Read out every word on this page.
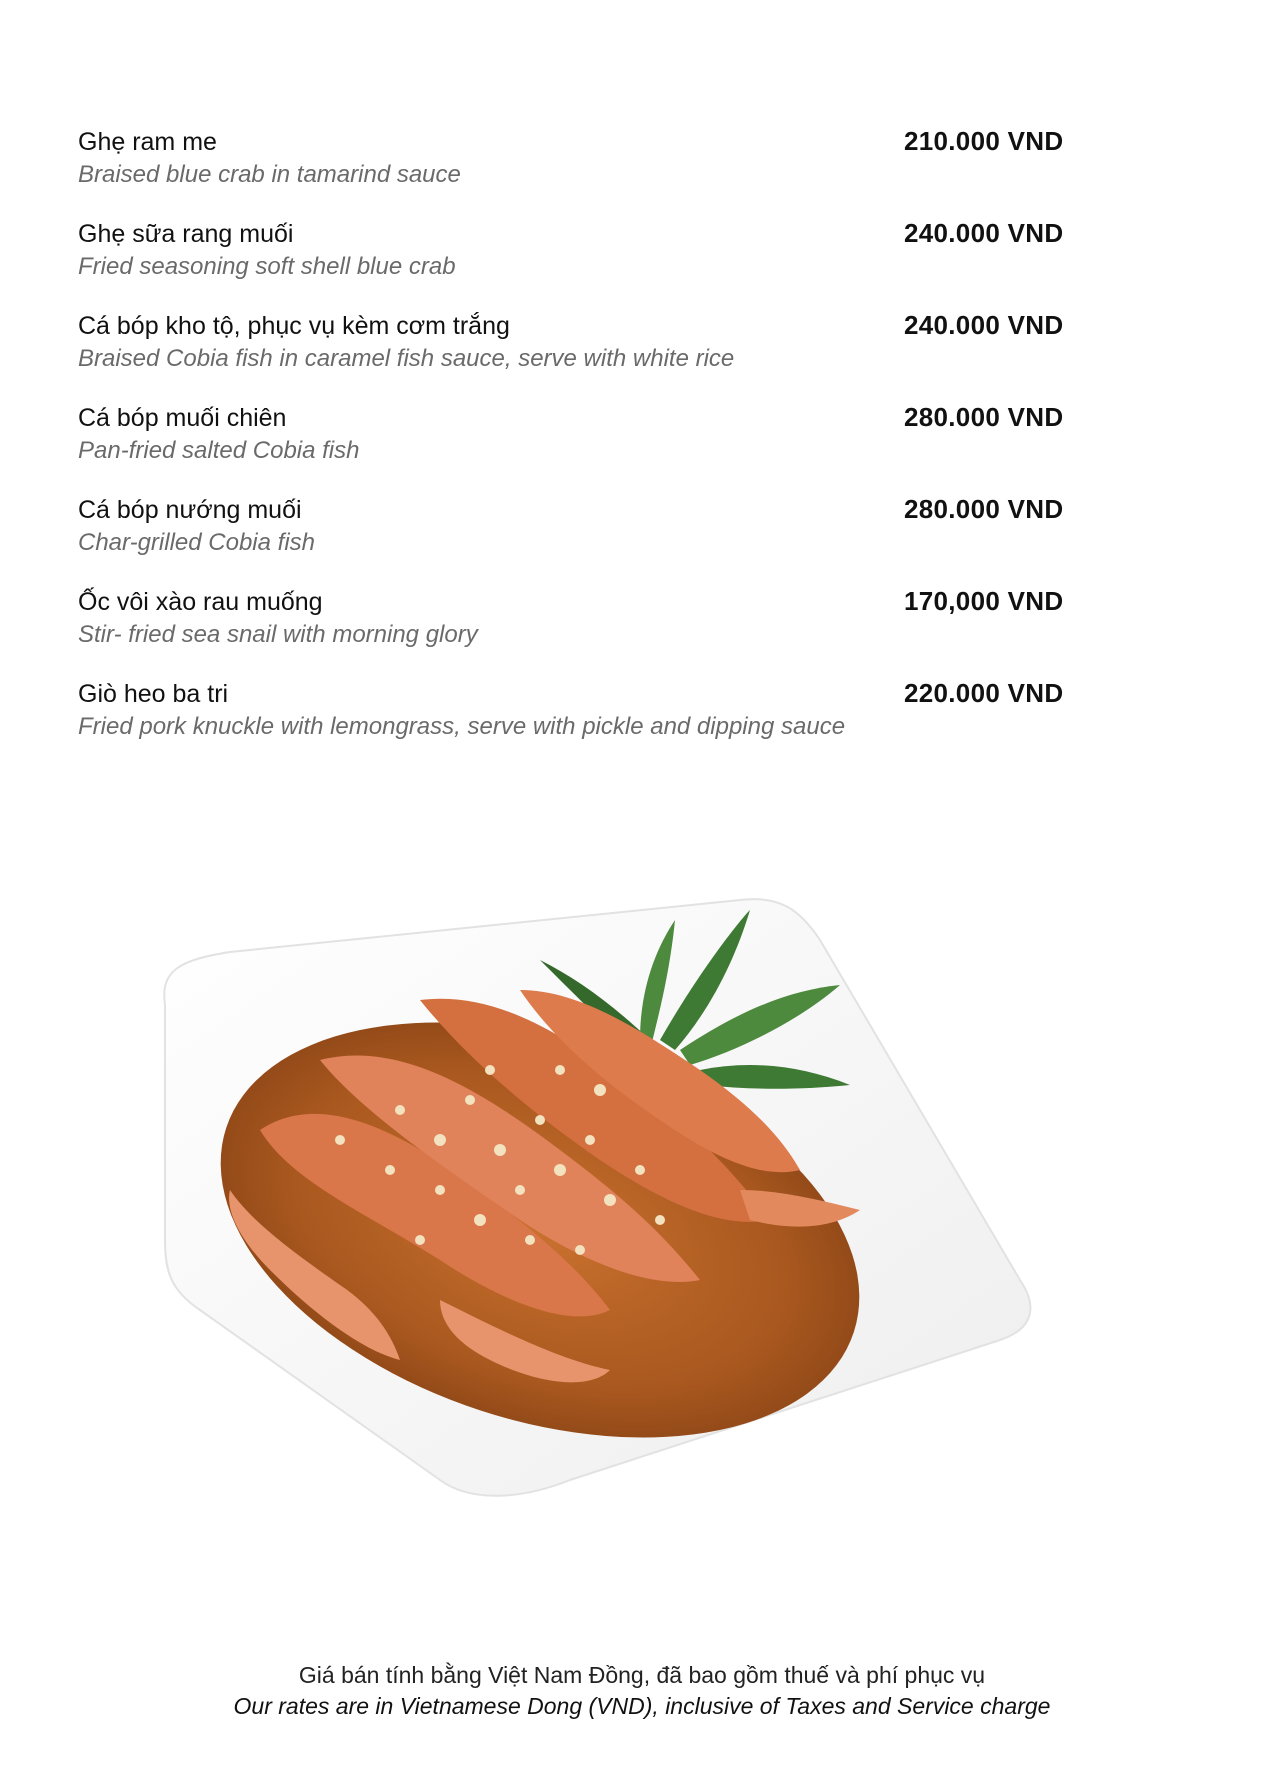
Ghẹ ram me
Braised blue crab in tamarind sauce
210.000 VND
Ghẹ sữa rang muối
Fried seasoning soft shell blue crab
240.000 VND
Cá bóp kho tộ, phục vụ kèm cơm trắng
Braised Cobia fish in caramel fish sauce, serve with white rice
240.000 VND
Cá bóp muối chiên
Pan-fried salted Cobia fish
280.000 VND
Cá bóp nướng muối
Char-grilled Cobia fish
280.000 VND
Ốc vôi xào rau muống
Stir- fried sea snail with morning glory
170,000 VND
Giò heo ba tri
Fried pork knuckle with lemongrass, serve with pickle and dipping sauce
220.000 VND
Giá bán tính bằng Việt Nam Đồng, đã bao gồm thuế và phí phục vụ
Our rates are in Vietnamese Dong (VND), inclusive of Taxes and Service charge
